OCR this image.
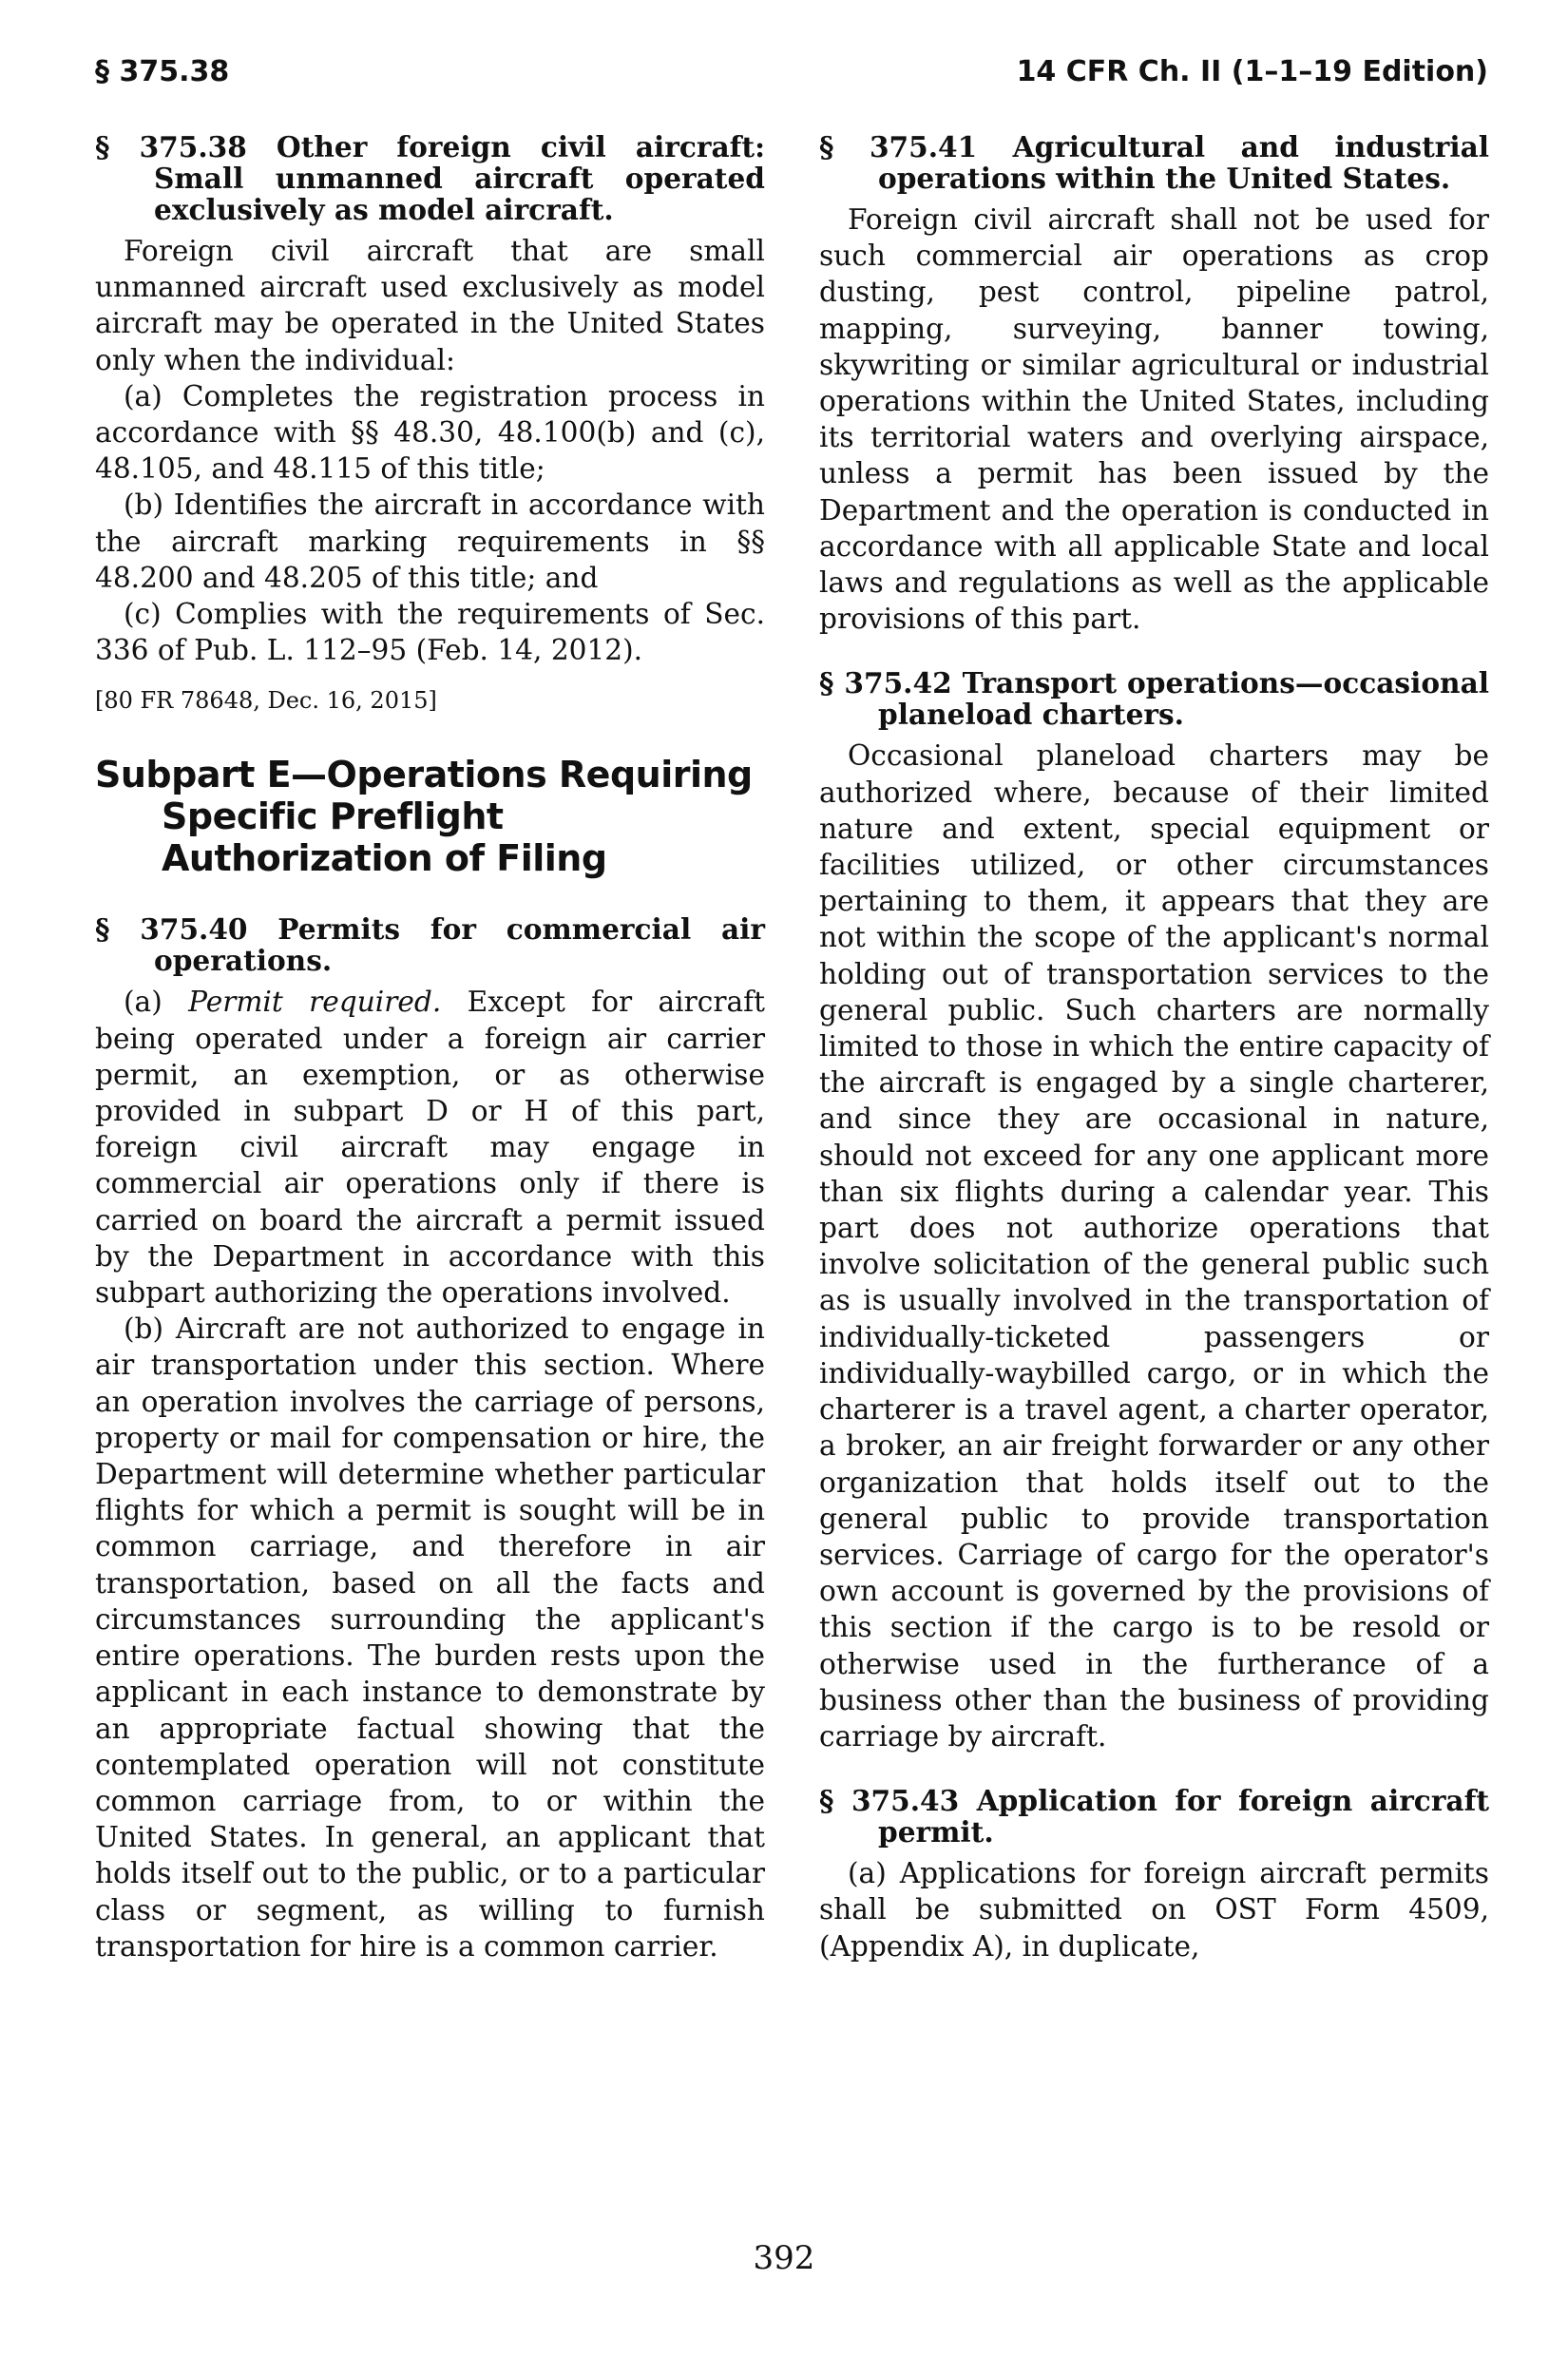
§ 375.38	14 CFR Ch. II (1–1–19 Edition)
§ 375.38 Other foreign civil aircraft: Small unmanned aircraft operated exclusively as model aircraft.

Foreign civil aircraft that are small unmanned aircraft used exclusively as model aircraft may be operated in the United States only when the individual:

(a) Completes the registration process in accordance with §§ 48.30, 48.100(b) and (c), 48.105, and 48.115 of this title;

(b) Identifies the aircraft in accordance with the aircraft marking requirements in §§ 48.200 and 48.205 of this title; and

(c) Complies with the requirements of Sec. 336 of Pub. L. 112–95 (Feb. 14, 2012).

[80 FR 78648, Dec. 16, 2015]
Subpart E—Operations Requiring Specific Preflight Authorization of Filing
§ 375.40 Permits for commercial air operations.

(a) Permit required. Except for aircraft being operated under a foreign air carrier permit, an exemption, or as otherwise provided in subpart D or H of this part, foreign civil aircraft may engage in commercial air operations only if there is carried on board the aircraft a permit issued by the Department in accordance with this subpart authorizing the operations involved.

(b) Aircraft are not authorized to engage in air transportation under this section. Where an operation involves the carriage of persons, property or mail for compensation or hire, the Department will determine whether particular flights for which a permit is sought will be in common carriage, and therefore in air transportation, based on all the facts and circumstances surrounding the applicant's entire operations. The burden rests upon the applicant in each instance to demonstrate by an appropriate factual showing that the contemplated operation will not constitute common carriage from, to or within the United States. In general, an applicant that holds itself out to the public, or to a particular class or segment, as willing to furnish transportation for hire is a common carrier.

§ 375.41 Agricultural and industrial operations within the United States.

Foreign civil aircraft shall not be used for such commercial air operations as crop dusting, pest control, pipeline patrol, mapping, surveying, banner towing, skywriting or similar agricultural or industrial operations within the United States, including its territorial waters and overlying airspace, unless a permit has been issued by the Department and the operation is conducted in accordance with all applicable State and local laws and regulations as well as the applicable provisions of this part.

§ 375.42 Transport operations—occasional planeload charters.

Occasional planeload charters may be authorized where, because of their limited nature and extent, special equipment or facilities utilized, or other circumstances pertaining to them, it appears that they are not within the scope of the applicant's normal holding out of transportation services to the general public. Such charters are normally limited to those in which the entire capacity of the aircraft is engaged by a single charterer, and since they are occasional in nature, should not exceed for any one applicant more than six flights during a calendar year. This part does not authorize operations that involve solicitation of the general public such as is usually involved in the transportation of individually-ticketed passengers or individually-waybilled cargo, or in which the charterer is a travel agent, a charter operator, a broker, an air freight forwarder or any other organization that holds itself out to the general public to provide transportation services. Carriage of cargo for the operator's own account is governed by the provisions of this section if the cargo is to be resold or otherwise used in the furtherance of a business other than the business of providing carriage by aircraft.

§ 375.43 Application for foreign aircraft permit.

(a) Applications for foreign aircraft permits shall be submitted on OST Form 4509, (Appendix A), in duplicate,

392
